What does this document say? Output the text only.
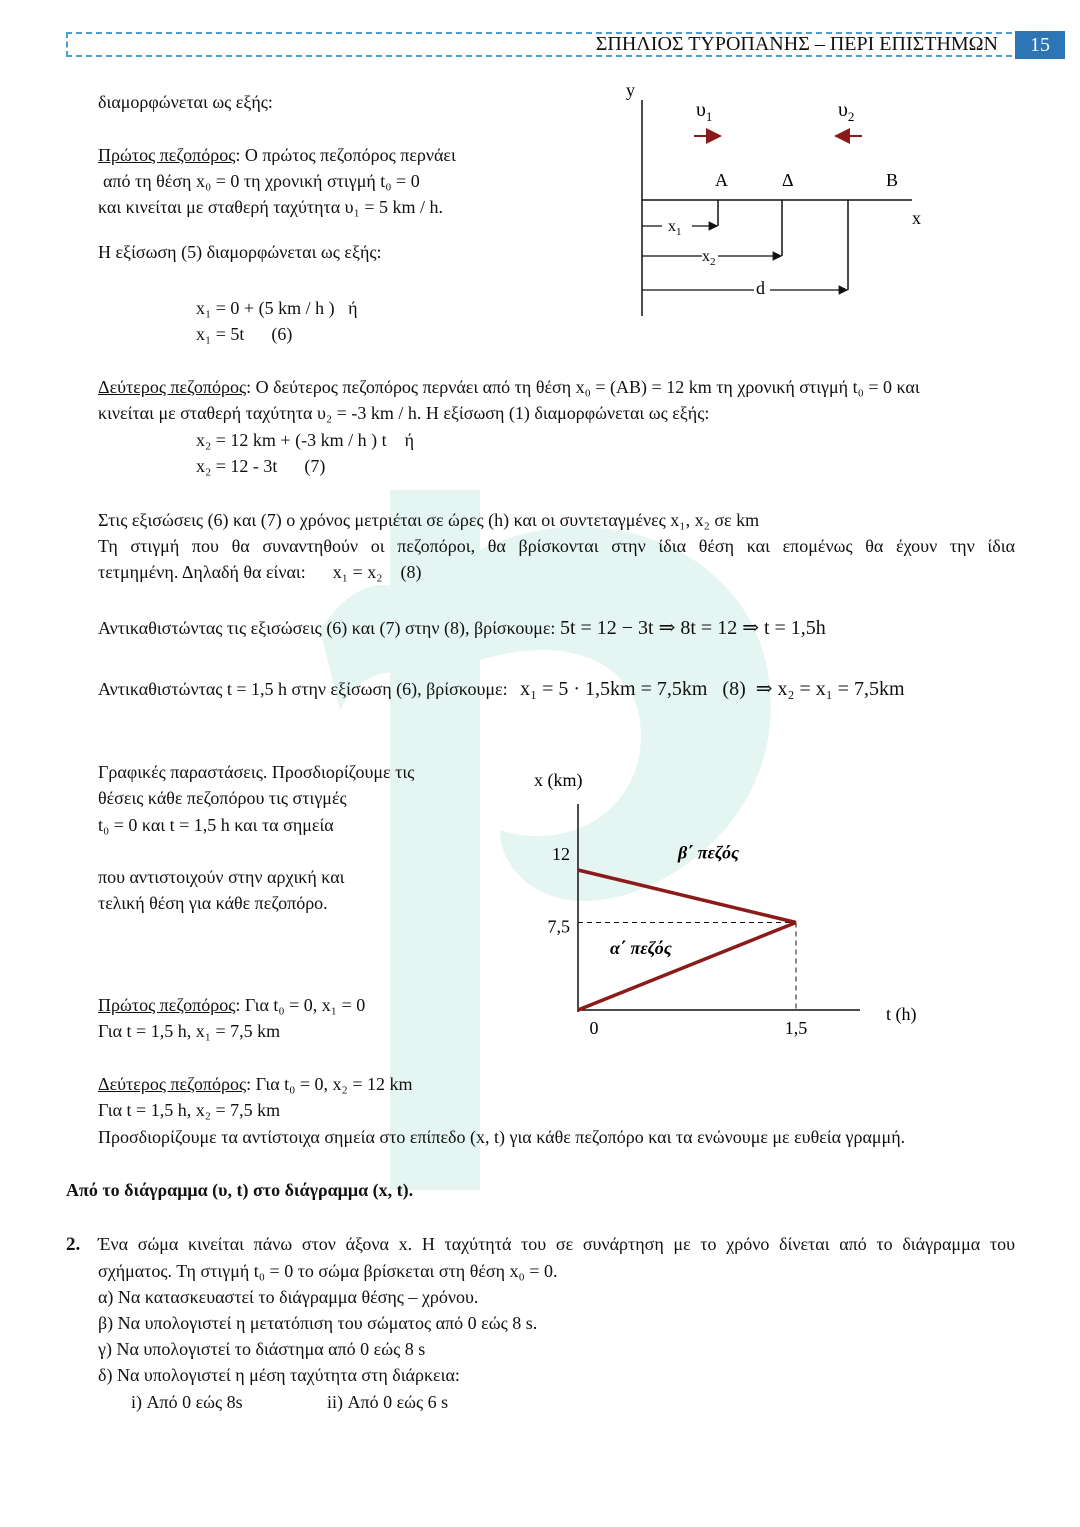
ΣΠΗΛΙΟΣ ΤΥΡΟΠΑΝΗΣ – ΠΕΡΙ ΕΠΙΣΤΗΜΩΝ	15
διαμορφώνεται ως εξής:
Πρώτος πεζοπόρος: Ο πρώτος πεζοπόρος περνάει
από τη θέση x₀ = 0 τη χρονική στιγμή t₀ = 0
και κινείται με σταθερή ταχύτητα υ₁ = 5 km / h.
Η εξίσωση (5) διαμορφώνεται ως εξής:
x₁ = 0 + (5 km / h )   ή
x₁ = 5t      (6)
y
x
$\upsilon_1$	$\upsilon_2$
Α	Δ	Β
$x_1$
$x_2$
d
Δεύτερος πεζοπόρος: Ο δεύτερος πεζοπόρος περνάει από τη θέση x₀ = (ΑΒ) = 12 km τη χρονική στιγμή t₀ = 0 και
κινείται με σταθερή ταχύτητα υ₂ = -3 km / h. Η εξίσωση (1) διαμορφώνεται ως εξής:
x₂ = 12 km + (-3 km / h ) t    ή
x₂ = 12 - 3t      (7)
Στις εξισώσεις (6) και (7) ο χρόνος μετριέται σε ώρες (h) και οι συντεταγμένες x₁, x₂ σε km
Τη στιγμή που θα συναντηθούν οι πεζοπόροι, θα βρίσκονται στην ίδια θέση και επομένως θα έχουν την ίδια
τετμημένη. Δηλαδή θα είναι:      x₁ = x₂    (8)
Αντικαθιστώντας τις εξισώσεις (6) και (7) στην (8), βρίσκουμε: 5t = 12 − 3t ⇒ 8t = 12 ⇒ t = 1,5h
Αντικαθιστώντας t = 1,5 h στην εξίσωση (6), βρίσκουμε: x₁ = 5 · 1,5km = 7,5km   (8)  ⇒ x₂ = x₁ = 7,5km
Γραφικές παραστάσεις. Προσδιορίζουμε τις
θέσεις κάθε πεζοπόρου τις στιγμές
t₀ = 0 και t = 1,5 h και τα σημεία
που αντιστοιχούν στην αρχική και
τελική θέση για κάθε πεζοπόρο.
x (km)
t (h)
α΄ πεζός
β΄ πεζός
12
7,5
0	1,5
Πρώτος πεζοπόρος: Για t₀ = 0, x₁ = 0
Για t = 1,5 h, x₁ = 7,5 km
Δεύτερος πεζοπόρος: Για t₀ = 0, x₂ = 12 km
Για t = 1,5 h, x₂ = 7,5 km
Προσδιορίζουμε τα αντίστοιχα σημεία στο επίπεδο (x, t) για κάθε πεζοπόρο και τα ενώνουμε με ευθεία γραμμή.
Από το διάγραμμα (υ, t) στο διάγραμμα (x, t).
2. Ένα σώμα κινείται πάνω στον άξονα x. Η ταχύτητά του σε συνάρτηση με το χρόνο δίνεται από το διάγραμμα του
σχήματος. Τη στιγμή t₀ = 0 το σώμα βρίσκεται στη θέση x₀ = 0.
α) Να κατασκευαστεί το διάγραμμα θέσης – χρόνου.
β) Να υπολογιστεί η μετατόπιση του σώματος από 0 εώς 8 s.
γ) Να υπολογιστεί το διάστημα από 0 εώς 8 s
δ) Να υπολογιστεί η μέση ταχύτητα στη διάρκεια:
i) Από 0 εώς 8s	ii) Από 0 εώς 6 s
